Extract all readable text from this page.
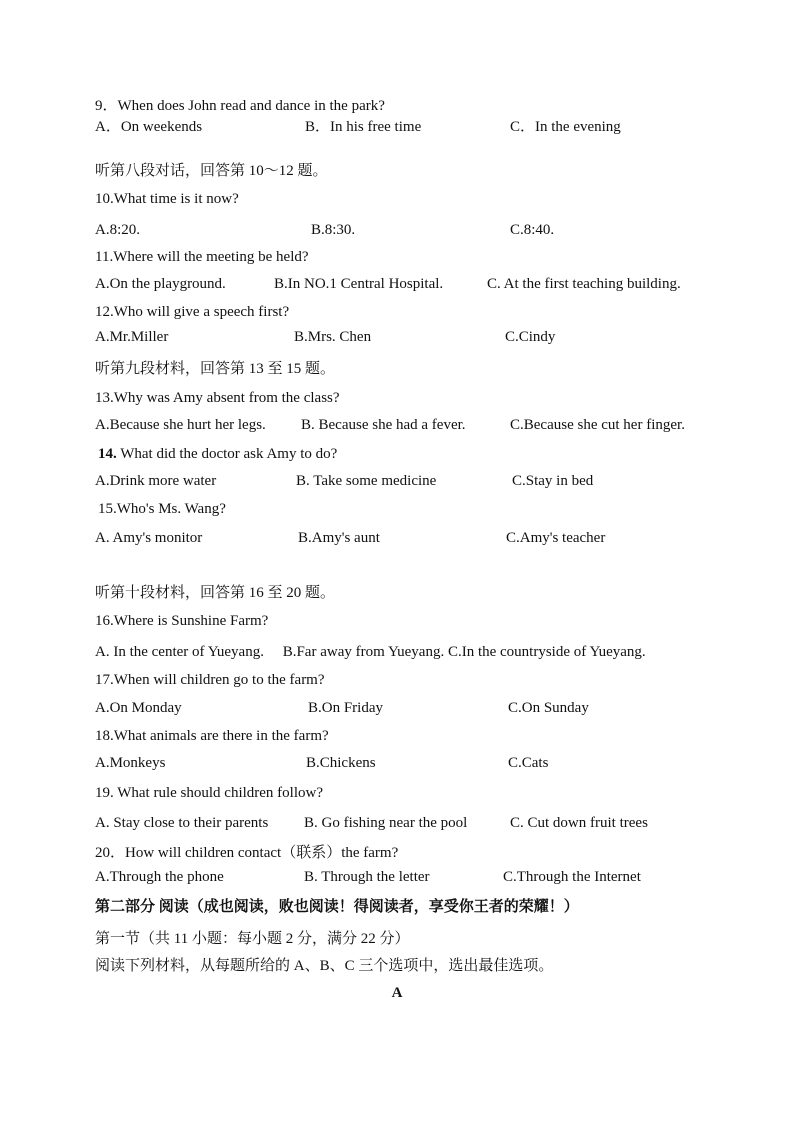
9．When does John read and dance in the park?
A．On weekends	B．In his free time	C．In the evening
听第八段对话，回答第 10～12 题。
10.What time is it now?
A.8:20.	B.8:30.	C.8:40.
11.Where will the meeting be held?
A.On the playground.	B.In NO.1 Central Hospital.	C. At the first teaching building.
12.Who will give a speech first?
A.Mr.Miller	B.Mrs. Chen	C.Cindy
听第九段材料，回答第 13 至 15 题。
13.Why was Amy absent from the class?
A.Because she hurt her legs. B. Because she had a fever.	C.Because she cut her finger.
14. What did the doctor ask Amy to do?
A.Drink more water	B. Take some medicine	C.Stay in bed
15.Who's Ms. Wang?
A. Amy's monitor	B.Amy's aunt	C.Amy's teacher
听第十段材料，回答第 16 至 20 题。
16.Where is Sunshine Farm?
A. In the center of Yueyang.     B.Far away from Yueyang. C.In the countryside of Yueyang.
17.When will children go to the farm?
A.On Monday	B.On Friday	C.On Sunday
18.What animals are there in the farm?
A.Monkeys	B.Chickens	C.Cats
19. What rule should children follow?
A. Stay close to their parents B. Go fishing near the pool	C. Cut down fruit trees
20．How will children contact（联系）the farm?
A.Through the phone	B. Through the letter	C.Through the Internet
第二部分 阅读（成也阅读，败也阅读！得阅读者，享受你王者的荣耀！）
第一节（共 11 小题：每小题 2 分，满分 22 分）
阅读下列材料，从每题所给的 A、B、C 三个选项中，选出最佳选项。
A
